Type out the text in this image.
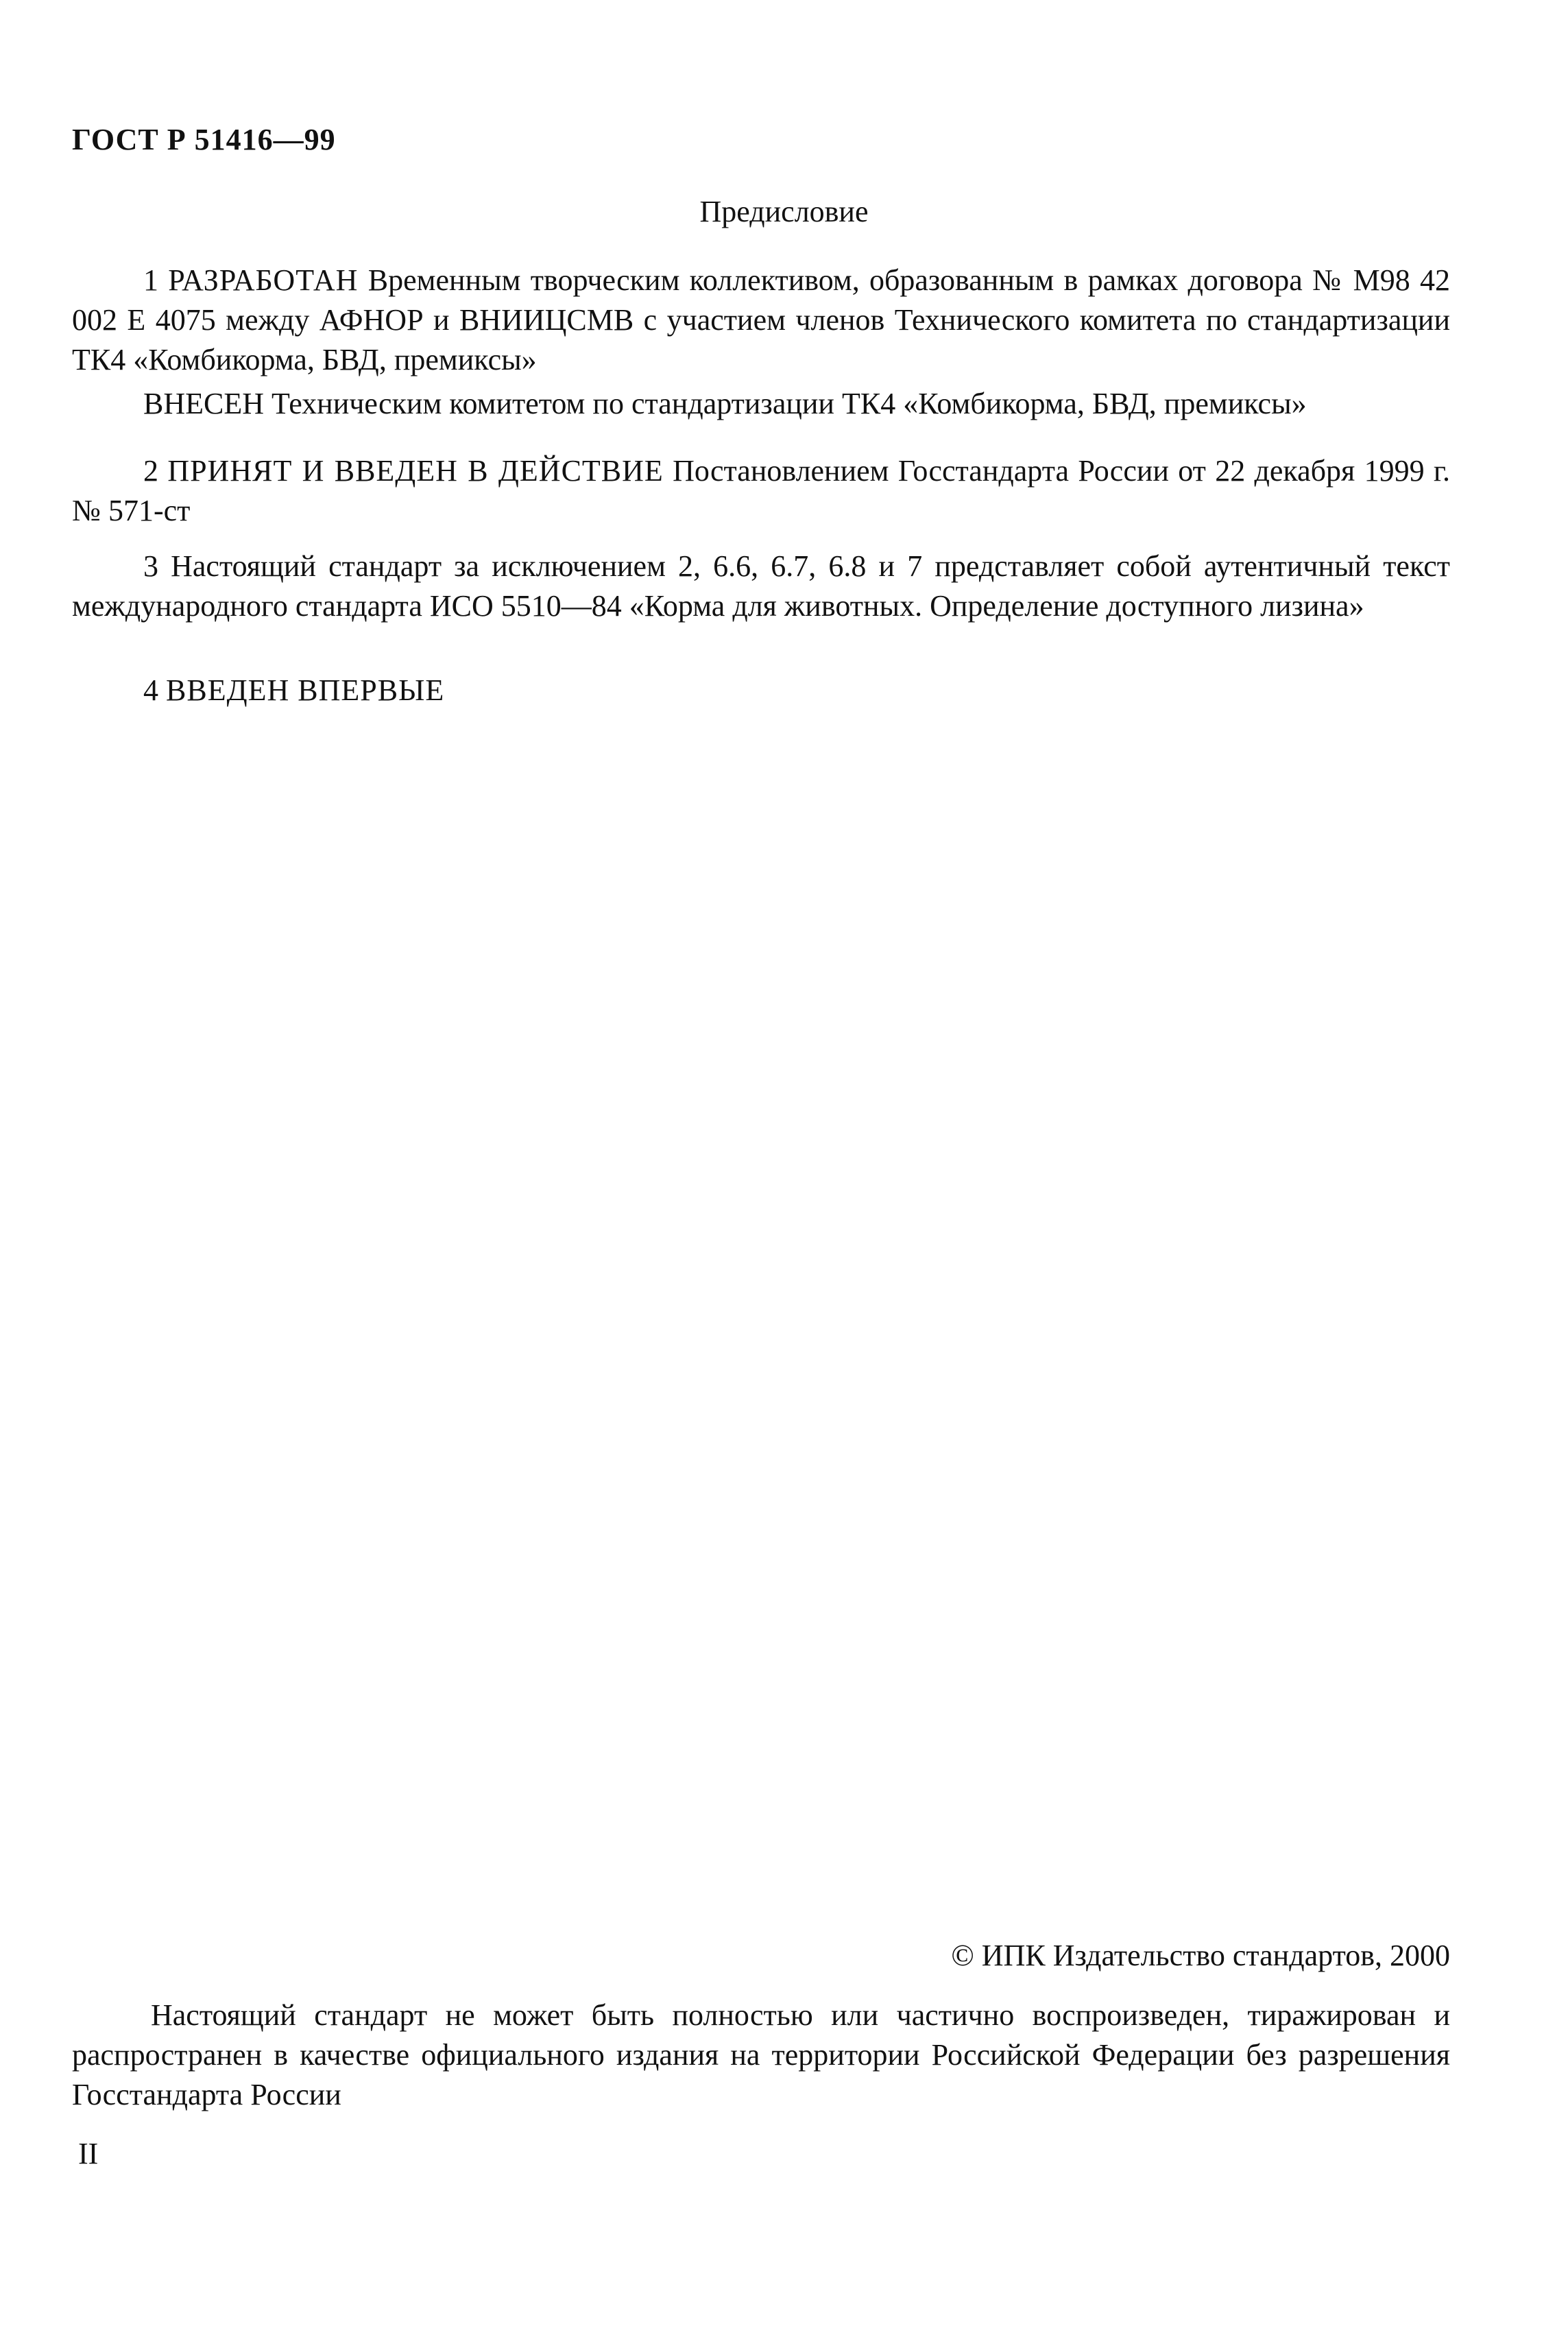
ГОСТ Р 51416—99
Предисловие
1 РАЗРАБОТАН Временным творческим коллективом, образованным в рамках договора № М98 42 002 Е 4075 между АФНОР и ВНИИЦСМВ с участием членов Технического комитета по стандартизации ТК4 «Комбикорма, БВД, премиксы»
ВНЕСЕН Техническим комитетом по стандартизации ТК4 «Комбикорма, БВД, премиксы»
2 ПРИНЯТ И ВВЕДЕН В ДЕЙСТВИЕ Постановлением Госстандарта России от 22 декабря 1999 г. № 571-ст
3 Настоящий стандарт за исключением 2, 6.6, 6.7, 6.8 и 7 представляет собой аутентичный текст международного стандарта ИСО 5510—84 «Корма для животных. Определение доступного лизина»
4 ВВЕДЕН ВПЕРВЫЕ
© ИПК Издательство стандартов, 2000
Настоящий стандарт не может быть полностью или частично воспроизведен, тиражирован и распространен в качестве официального издания на территории Российской Федерации без разрешения Госстандарта России
II
